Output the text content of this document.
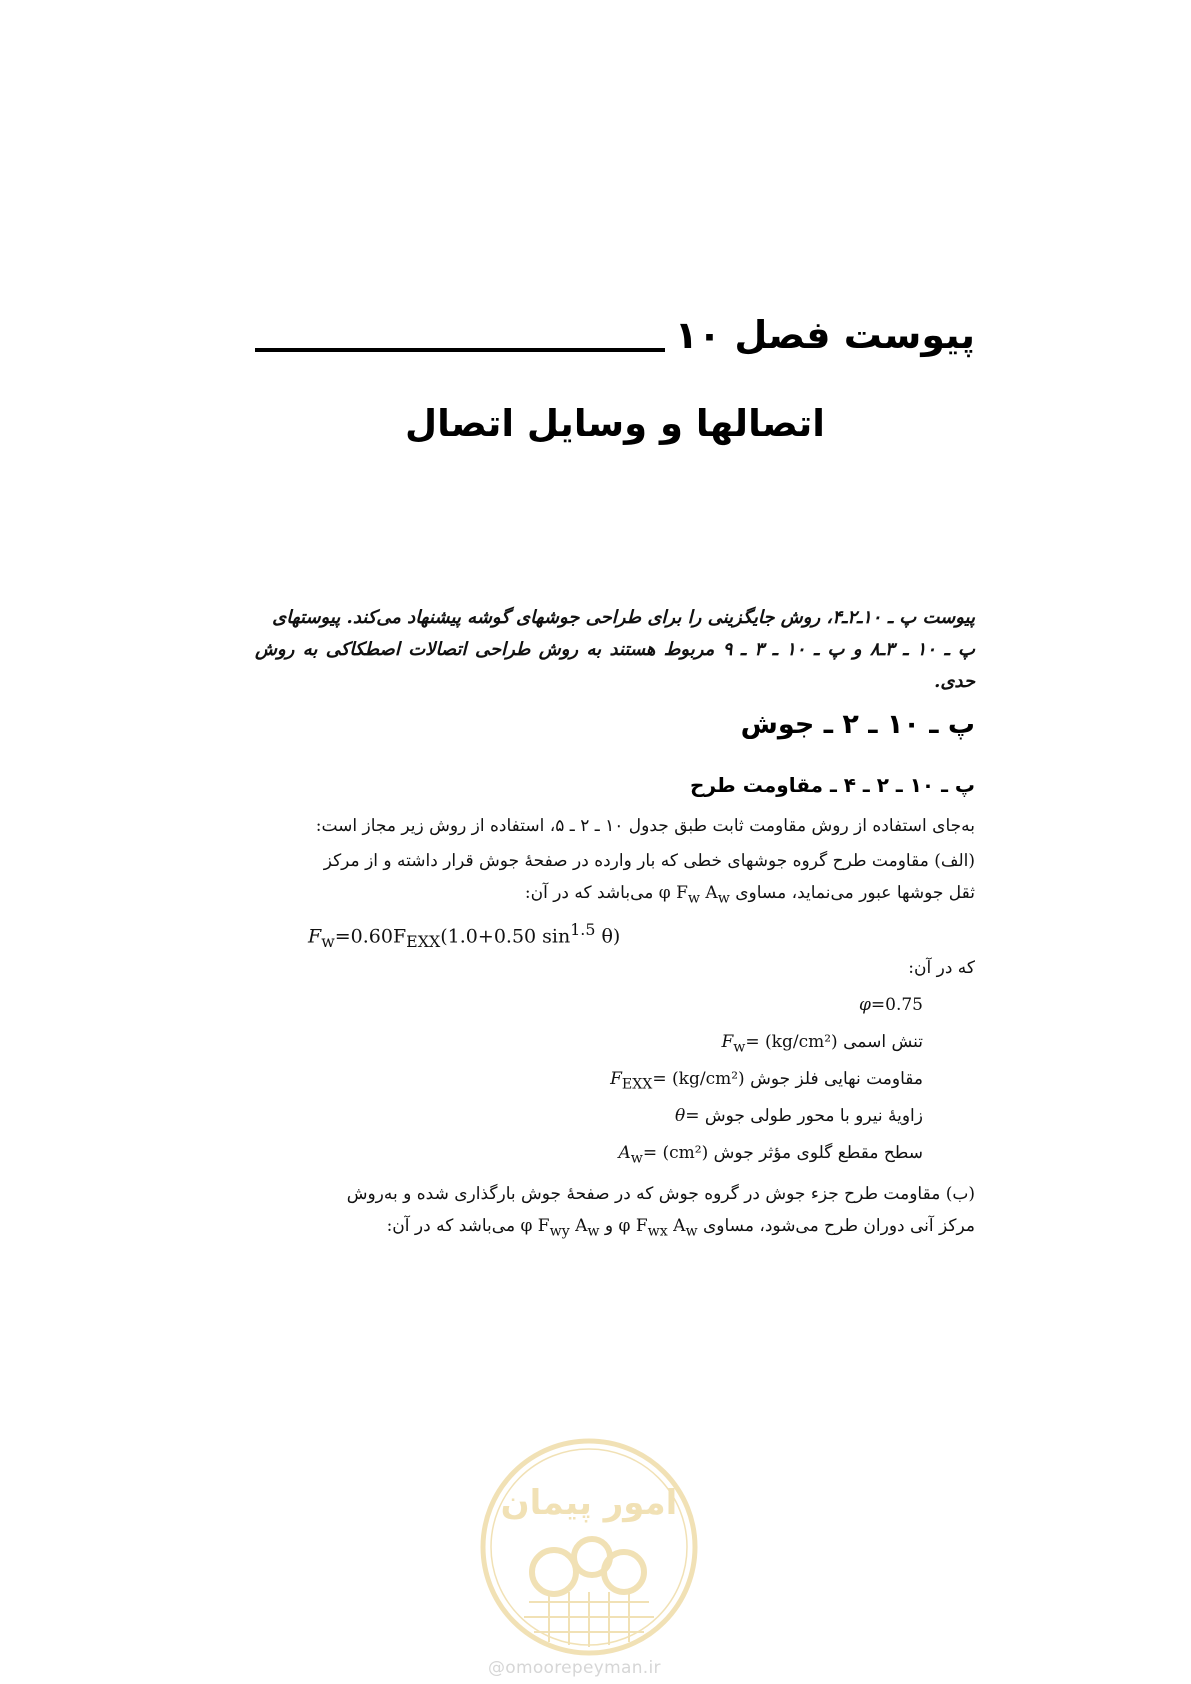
پیوست فصل ۱۰
اتصالها و وسایل اتصال
پیوست پ ـ ۱۰ـ۲ـ۴، روش جایگزینی را برای طراحی جوشهای گوشه پیشنهاد می‌کند. پیوستهای
پ ـ ۱۰ ـ ۳ـ۸ و پ ـ ۱۰ ـ ۳ ـ ۹ مربوط هستند به روش طراحی اتصالات اصطکاکی به روش حدی.
پ ـ ۱۰ ـ ۲ ـ جوش
پ ـ ۱۰ ـ ۲ ـ ۴ ـ مقاومت طرح
به‌جای استفاده از روش مقاومت ثابت طبق جدول ۱۰ ـ ۲ ـ ۵، استفاده از روش زیر مجاز است:
(الف) مقاومت طرح گروه جوشهای خطی که بار وارده در صفحهٔ جوش قرار داشته و از مرکز
ثقل جوشها عبور می‌نماید، مساوی φ $F_w$ $A_w$ می‌باشد که در آن:
$F_w=0.60F_{EXX}(1.0+0.50$ $\sin^{1.5} \theta$)
که در آن:
0.75=φ
تنش اسمی $(kg/cm^2) =F_w$
مقاومت نهایی فلز جوش $(kg/cm^2) =F_{EXX}$
زاویهٔ نیرو با محور طولی جوش =θ
سطح مقطع گلوی مؤثر جوش $(cm^2) =A_w$
(ب) مقاومت طرح جزء جوش در گروه جوش که در صفحهٔ جوش بارگذاری شده و به‌روش
مرکز آنی دوران طرح می‌شود، مساوی φ $F_{wx}$ $A_w$ و φ $F_{wy}$ $A_w$ می‌باشد که در آن:
امور پیمان
@omoorepeyman.ir
